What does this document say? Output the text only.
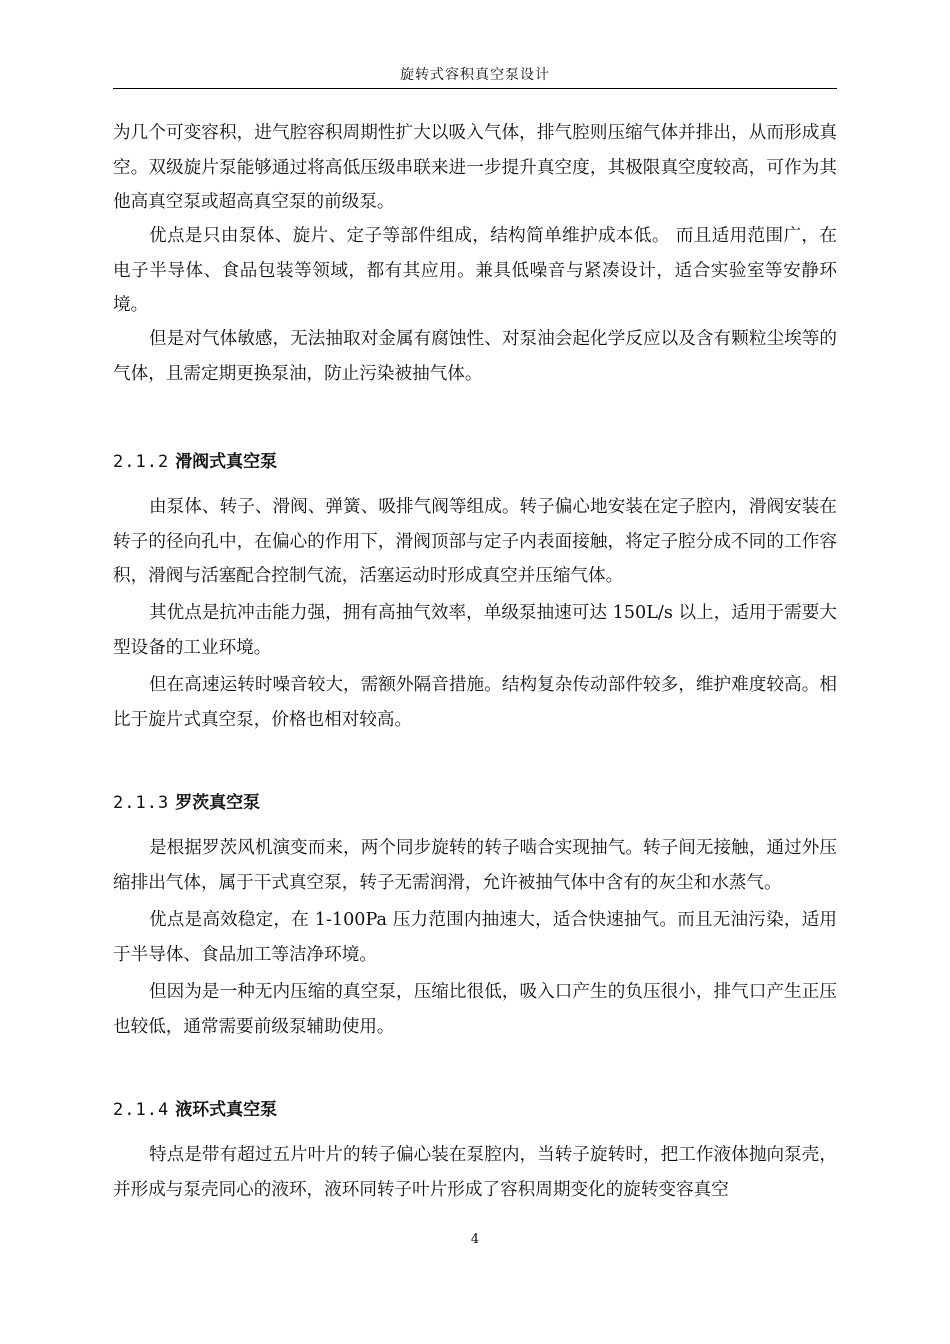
旋转式容积真空泵设计

为几个可变容积，进气腔容积周期性扩大以吸入气体，排气腔则压缩气体并排出，从而形成真空。双级旋片泵能够通过将高低压级串联来进一步提升真空度，其极限真空度较高，可作为其他高真空泵或超高真空泵的前级泵。

优点是只由泵体、旋片、定子等部件组成，结构简单维护成本低。 而且适用范围广，在电子半导体、食品包装等领域，都有其应用。兼具低噪音与紧凑设计，适合实验室等安静环境。

但是对气体敏感，无法抽取对金属有腐蚀性、对泵油会起化学反应以及含有颗粒尘埃等的气体，且需定期更换泵油，防止污染被抽气体。

2.1.2 滑阀式真空泵

由泵体、转子、滑阀、弹簧、吸排气阀等组成。转子偏心地安装在定子腔内，滑阀安装在转子的径向孔中，在偏心的作用下，滑阀顶部与定子内表面接触，将定子腔分成不同的工作容积，滑阀与活塞配合控制气流，活塞运动时形成真空并压缩气体。

其优点是抗冲击能力强，拥有高抽气效率，单级泵抽速可达 150L/s 以上，适用于需要大型设备的工业环境。

但在高速运转时噪音较大，需额外隔音措施。结构复杂传动部件较多，维护难度较高。相比于旋片式真空泵，价格也相对较高。

2.1.3 罗茨真空泵

是根据罗茨风机演变而来，两个同步旋转的转子啮合实现抽气。转子间无接触，通过外压缩排出气体，属于干式真空泵，转子无需润滑，允许被抽气体中含有的灰尘和水蒸气。

优点是高效稳定，在 1-100Pa 压力范围内抽速大，适合快速抽气。而且无油污染，适用于半导体、食品加工等洁净环境。

但因为是一种无内压缩的真空泵，压缩比很低，吸入口产生的负压很小，排气口产生正压也较低，通常需要前级泵辅助使用。

2.1.4 液环式真空泵

特点是带有超过五片叶片的转子偏心装在泵腔内，当转子旋转时，把工作液体抛向泵壳，并形成与泵壳同心的液环，液环同转子叶片形成了容积周期变化的旋转变容真空

4
